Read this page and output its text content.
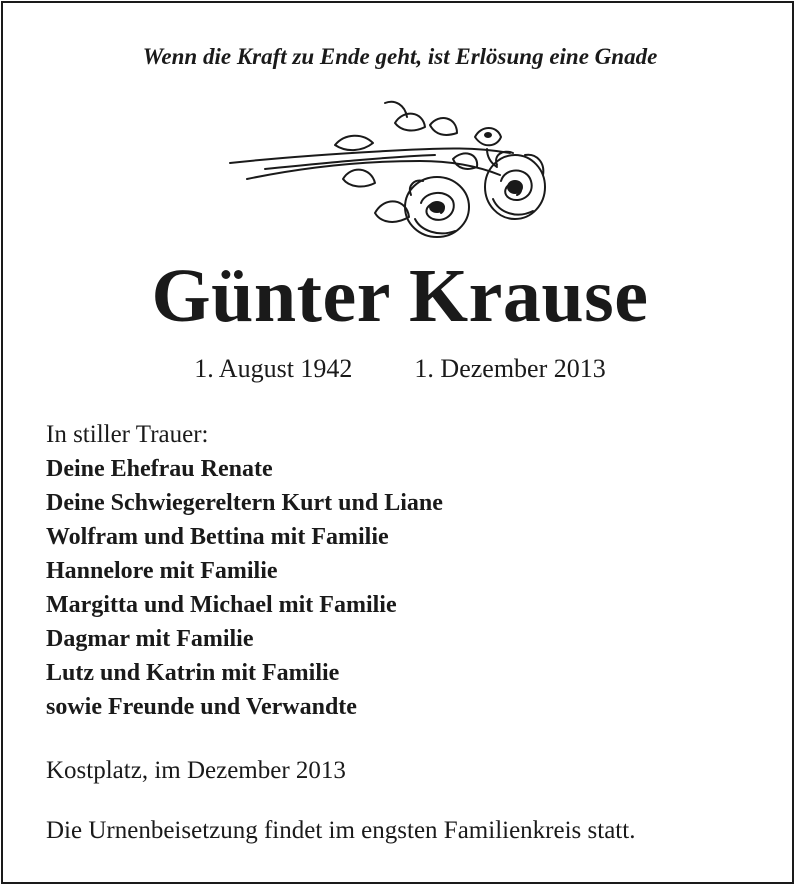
Wenn die Kraft zu Ende geht, ist Erlösung eine Gnade
Günter Krause
1. August 1942 1. Dezember 2013
In stiller Trauer:
Deine Ehefrau Renate
Deine Schwiegereltern Kurt und Liane
Wolfram und Bettina mit Familie
Hannelore mit Familie
Margitta und Michael mit Familie
Dagmar mit Familie
Lutz und Katrin mit Familie
sowie Freunde und Verwandte
Kostplatz, im Dezember 2013
Die Urnenbeisetzung findet im engsten Familienkreis statt.
